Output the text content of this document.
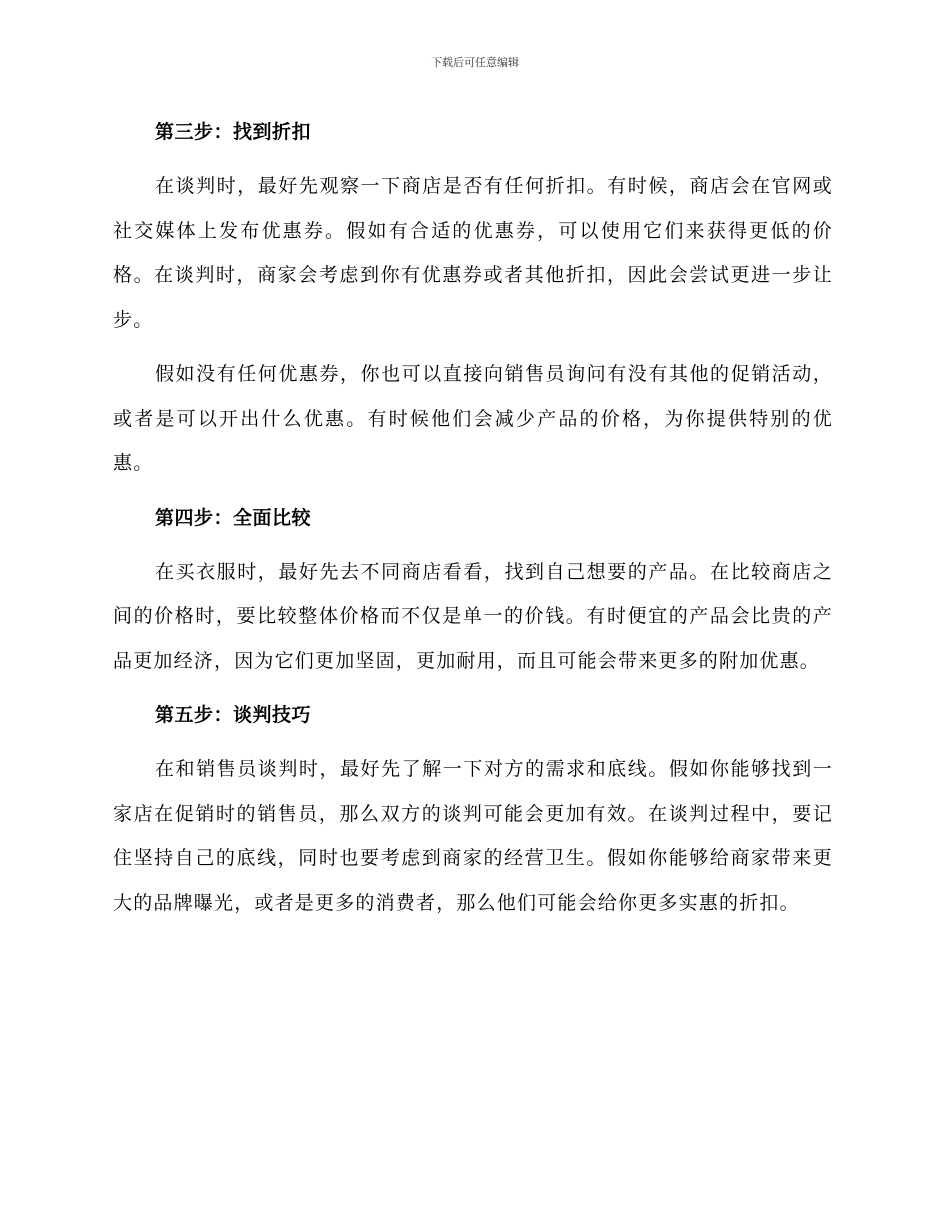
下载后可任意编辑
第三步：找到折扣

在谈判时，最好先观察一下商店是否有任何折扣。有时候，商店会在官网或社交媒体上发布优惠券。假如有合适的优惠券，可以使用它们来获得更低的价格。在谈判时，商家会考虑到你有优惠券或者其他折扣，因此会尝试更进一步让步。

假如没有任何优惠券，你也可以直接向销售员询问有没有其他的促销活动，或者是可以开出什么优惠。有时候他们会减少产品的价格，为你提供特别的优惠。

第四步：全面比较

在买衣服时，最好先去不同商店看看，找到自己想要的产品。在比较商店之间的价格时，要比较整体价格而不仅是单一的价钱。有时便宜的产品会比贵的产品更加经济，因为它们更加坚固，更加耐用，而且可能会带来更多的附加优惠。

第五步：谈判技巧

在和销售员谈判时，最好先了解一下对方的需求和底线。假如你能够找到一家店在促销时的销售员，那么双方的谈判可能会更加有效。在谈判过程中，要记住坚持自己的底线，同时也要考虑到商家的经营卫生。假如你能够给商家带来更大的品牌曝光，或者是更多的消费者，那么他们可能会给你更多实惠的折扣。
